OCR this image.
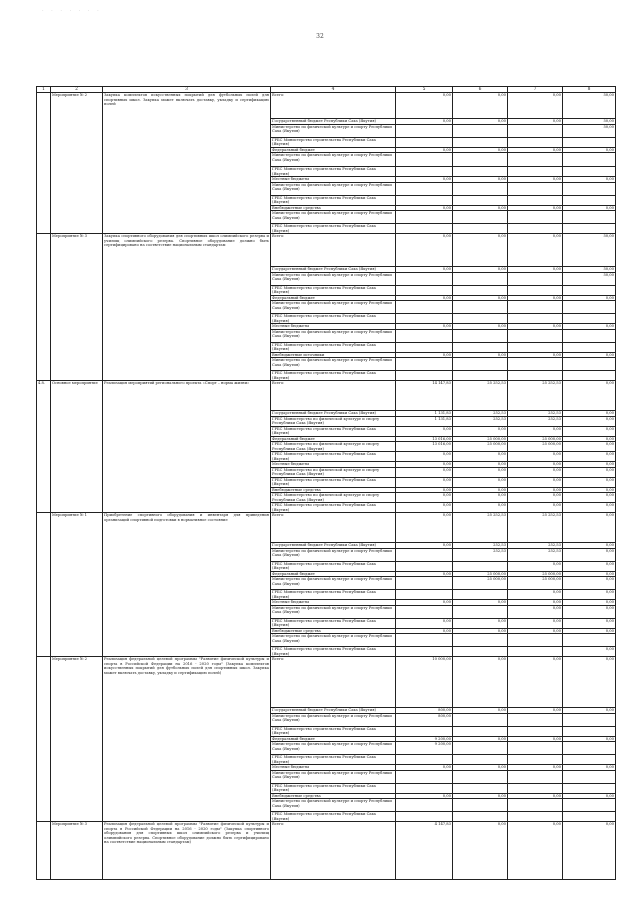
. . . . . . .
32
1	2	3	4	5	6	7	8
	Мероприятие № 2	Закупка комплектов искусственных покрытий для футбольных полей для спортивных школ. Закупка может включать доставку, укладку и сертификацию полей	Всего:	0,00	0,00	0,00	50,00
			Государственный бюджет Республики Саха (Якутия)	0,00	0,00	0,00	50,00
			Министерство по физической культуре и спорту Республики Саха (Якутия)				50,00
			ГРБС Министерство строительства Республики Саха (Якутия)				
			Федеральный бюджет	0,00	0,00	0,00	0,00
			Министерство по физической культуре и спорту Республики Саха (Якутия)				
			ГРБС Министерство строительства Республики Саха (Якутия)				
			Местные бюджеты	0,00	0,00	0,00	0,00
			Министерство по физической культуре и спорту Республики Саха (Якутия)				
			ГРБС Министерство строительства Республики Саха (Якутия)				
			Внебюджетные средства	0,00	0,00	0,00	0,00
			Министерство по физической культуре и спорту Республики Саха (Якутия)				
			ГРБС Министерство строительства Республики Саха (Якутия)				
	Мероприятие № 3	Закупка спортивного оборудования для спортивных школ олимпийского резерва и училищ олимпийского резерва. Спортивное оборудование должно быть сертифицировано на соответствие национальным стандартам	Всего:	0,00	0,00	0,00	50,00
			Государственный бюджет Республики Саха (Якутия)	0,00	0,00	0,00	50,00
			Министерство по физической культуре и спорту Республики Саха (Якутия)				50,00
			ГРБС Министерство строительства Республики Саха (Якутия)				
			Федеральный бюджет	0,00	0,00	0,00	0,00
			Министерство по физической культуре и спорту Республики Саха (Якутия)				
			ГРБС Министерство строительства Республики Саха (Якутия)				
			Местные бюджеты	0,00	0,00	0,00	0,00
			Министерство по физической культуре и спорту Республики Саха (Якутия)				
			ГРБС Министерство строительства Республики Саха (Якутия)				
			Внебюджетные источники	0,00	0,00	0,00	0,00
			Министерство по физической культуре и спорту Республики Саха (Якутия)				
			ГРБС Министерство строительства Республики Саха (Якутия)				
4.8.	Основное мероприятие	Реализация мероприятий регионального проекта «Спорт – норма жизни»	Всего:	14 147,83	25 252,53	25 252,53	0,00
			Государственный бюджет Республики Саха (Якутия)	1 131,83	252,53	252,53	0,00
			ГРБС Министерство по физической культуре и спорту Республики Саха (Якутия)	1 131,83	252,53	252,53	0,00
			ГРБС Министерство строительства Республики Саха (Якутия)	0,00	0,00	0,00	0,00
			Федеральный бюджет	13 016,00	25 000,00	25 000,00	0,00
			ГРБС Министерство по физической культуре и спорту Республики Саха (Якутия)	13 016,00	25 000,00	25 000,00	0,00
			ГРБС Министерство строительства Республики Саха (Якутия)	0,00	0,00	0,00	0,00
			Местные бюджеты	0,00	0,00	0,00	0,00
			ГРБС Министерство по физической культуре и спорту Республики Саха (Якутия)	0,00	0,00	0,00	0,00
			ГРБС Министерство строительства Республики Саха (Якутия)	0,00	0,00	0,00	0,00
			Внебюджетные средства	0,00	0,00	0,00	0,00
			ГРБС Министерство по физической культуре и спорту Республики Саха (Якутия)	0,00	0,00	0,00	0,00
			ГРБС Министерство строительства Республики Саха (Якутия)	0,00	0,00	0,00	0,00
	Мероприятие № 1	Приобретение спортивного оборудования и инвентаря для приведения организаций спортивной подготовки в нормативное состояние	Всего:	0,00	25 252,53	25 252,53	0,00
			Государственный бюджет Республики Саха (Якутия)	0,00	252,53	252,53	0,00
			Министерство по физической культуре и спорту Республики Саха (Якутия)		252,53	252,53	0,00
			ГРБС Министерство строительства Республики Саха (Якутия)			0,00	0,00
			Федеральный бюджет	0,00	25 000,00	25 000,00	0,00
			Министерство по физической культуре и спорту Республики Саха (Якутия)		25 000,00	25 000,00	0,00
			ГРБС Министерство строительства Республики Саха (Якутия)			0,00	0,00
			Местные бюджеты	0,00	0,00	0,00	0,00
			Министерство по физической культуре и спорту Республики Саха (Якутия)			0,00	0,00
			ГРБС Министерство строительства Республики Саха (Якутия)	0,00	0,00	0,00	0,00
			Внебюджетные средства	0,00	0,00	0,00	0,00
			Министерство по физической культуре и спорту Республики Саха (Якутия)				
			ГРБС Министерство строительства Республики Саха (Якутия)				0,00
	Мероприятие № 2	Реализация федеральной целевой программы "Развитие физической культуры и спорта в Российской Федерации на 2016 - 2020 годы" (Закупка комплектов искусственных покрытий для футбольных полей для спортивных школ. Закупка может включать доставку, укладку и сертификацию полей)	Всего:	10 000,00	0,00	0,00	0,00
			Государственный бюджет Республики Саха (Якутия)	800,00	0,00	0,00	0,00
			Министерство по физической культуре и спорту Республики Саха (Якутия)	800,00			
			ГРБС Министерство строительства Республики Саха (Якутия)				
			Федеральный бюджет	9 200,00	0,00	0,00	0,00
			Министерство по физической культуре и спорту Республики Саха (Якутия)	9 200,00			
			ГРБС Министерство строительства Республики Саха (Якутия)				
			Местные бюджеты	0,00	0,00	0,00	0,00
			Министерство по физической культуре и спорту Республики Саха (Якутия)				
			ГРБС Министерство строительства Республики Саха (Якутия)				
			Внебюджетные средства	0,00	0,00	0,00	0,00
			Министерство по физической культуре и спорту Республики Саха (Якутия)				
			ГРБС Министерство строительства Республики Саха (Якутия)				
	Мероприятие № 3	Реализация федеральной целевой программы "Развитие физической культуры и спорта в Российской Федерации на 2016 - 2020 годы" (Закупка спортивного оборудования для спортивных школ олимпийского резерва и училищ олимпийского резерва. Спортивное оборудование должно быть сертифицировано на соответствие национальным стандартам)	Всего:	4 147,83	0,00	0,00	0,00
